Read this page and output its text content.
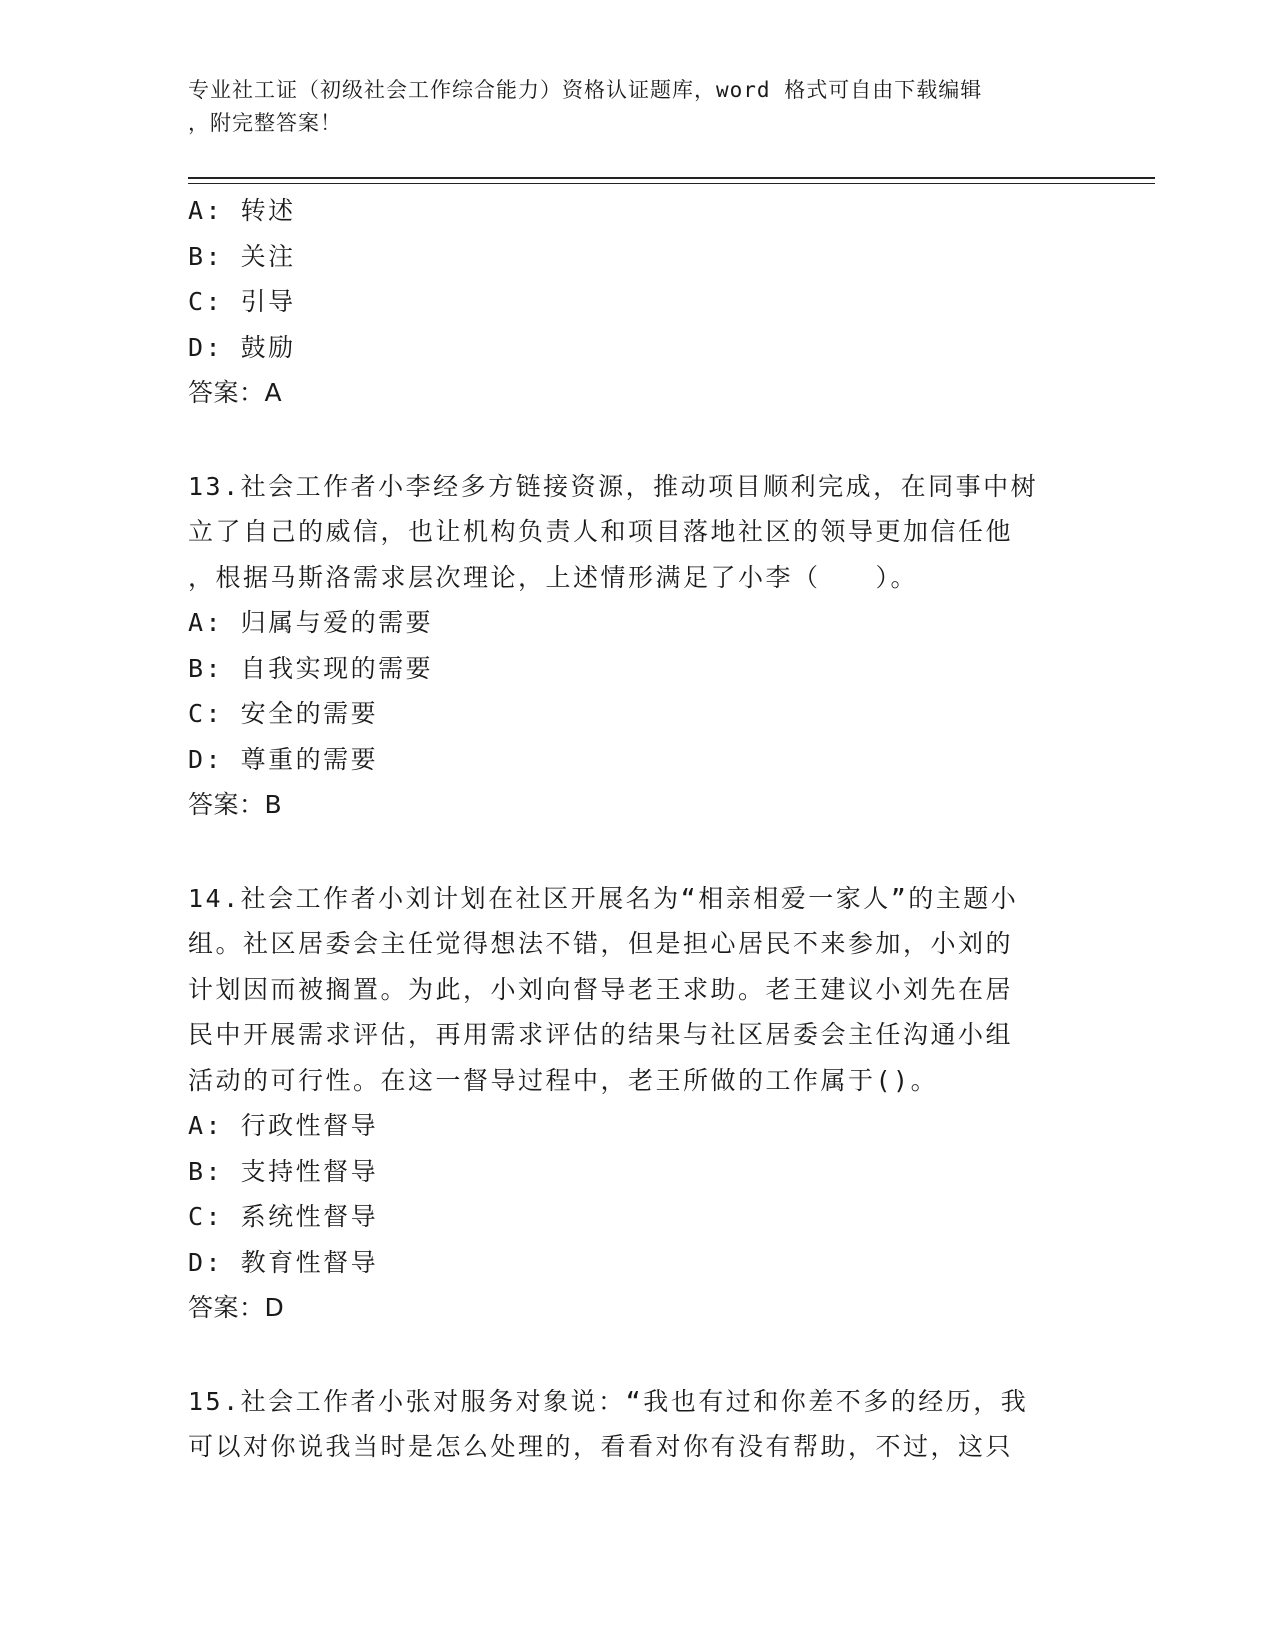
专业社工证（初级社会工作综合能力）资格认证题库，word 格式可自由下载编辑
，附完整答案！
A: 转述
B: 关注
C: 引导
D: 鼓励
答案：A
13.社会工作者小李经多方链接资源，推动项目顺利完成，在同事中树
立了自己的威信，也让机构负责人和项目落地社区的领导更加信任他
，根据马斯洛需求层次理论，上述情形满足了小李（　　）。
A: 归属与爱的需要
B: 自我实现的需要
C: 安全的需要
D: 尊重的需要
答案：B
14.社会工作者小刘计划在社区开展名为“相亲相爱一家人”的主题小
组。社区居委会主任觉得想法不错，但是担心居民不来参加，小刘的
计划因而被搁置。为此，小刘向督导老王求助。老王建议小刘先在居
民中开展需求评估，再用需求评估的结果与社区居委会主任沟通小组
活动的可行性。在这一督导过程中，老王所做的工作属于()。
A: 行政性督导
B: 支持性督导
C: 系统性督导
D: 教育性督导
答案：D
15.社会工作者小张对服务对象说：“我也有过和你差不多的经历，我
可以对你说我当时是怎么处理的，看看对你有没有帮助，不过，这只
